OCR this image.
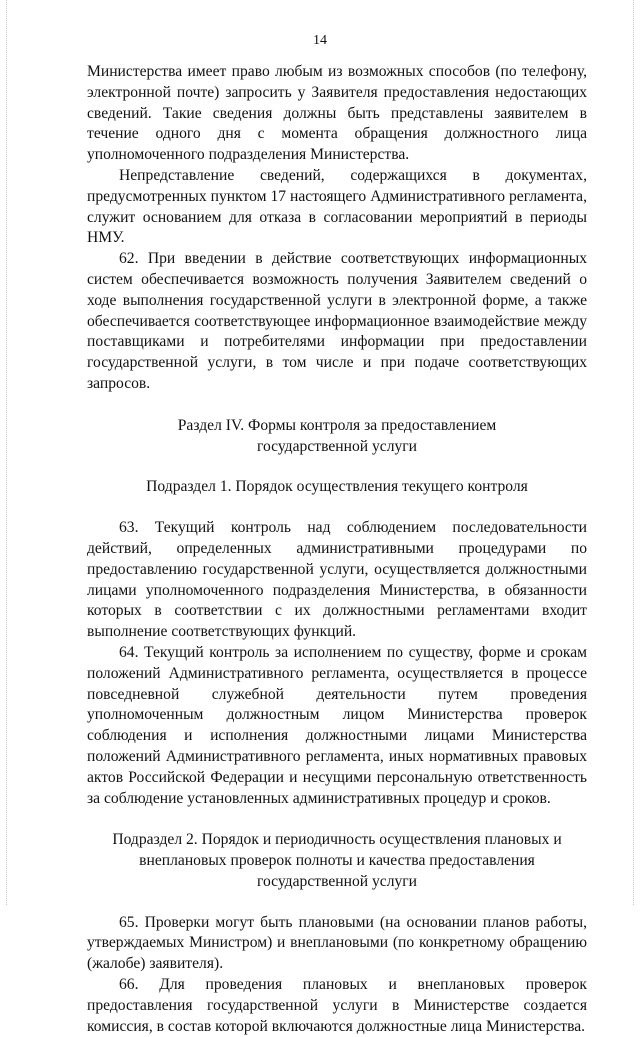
14

Министерства имеет право любым из возможных способов (по телефону, электронной почте) запросить у Заявителя предоставления недостающих сведений. Такие сведения должны быть представлены заявителем в течение одного дня с момента обращения должностного лица уполномоченного подразделения Министерства.

Непредставление сведений, содержащихся в документах, предусмотренных пунктом 17 настоящего Административного регламента, служит основанием для отказа в согласовании мероприятий в периоды НМУ.

62. При введении в действие соответствующих информационных систем обеспечивается возможность получения Заявителем сведений о ходе выполнения государственной услуги в электронной форме, а также обеспечивается соответствующее информационное взаимодействие между поставщиками и потребителями информации при предоставлении государственной услуги, в том числе и при подаче соответствующих запросов.

Раздел IV. Формы контроля за предоставлением

государственной услуги

Подраздел 1. Порядок осуществления текущего контроля

63. Текущий контроль над соблюдением последовательности действий, определенных административными процедурами по предоставлению государственной услуги, осуществляется должностными лицами уполномоченного подразделения Министерства, в обязанности которых в соответствии с их должностными регламентами входит выполнение соответствующих функций.

64. Текущий контроль за исполнением по существу, форме и срокам положений Административного регламента, осуществляется в процессе повседневной служебной деятельности путем проведения уполномоченным должностным лицом Министерства проверок соблюдения и исполнения должностными лицами Министерства положений Административного регламента, иных нормативных правовых актов Российской Федерации и несущими персональную ответственность за соблюдение установленных административных процедур и сроков.

Подраздел 2. Порядок и периодичность осуществления плановых и

внеплановых проверок полноты и качества предоставления

государственной услуги

65. Проверки могут быть плановыми (на основании планов работы, утверждаемых Министром) и внеплановыми (по конкретному обращению (жалобе) заявителя).

66. Для проведения плановых и внеплановых проверок предоставления государственной услуги в Министерстве создается комиссия, в состав которой включаются должностные лица Министерства.
